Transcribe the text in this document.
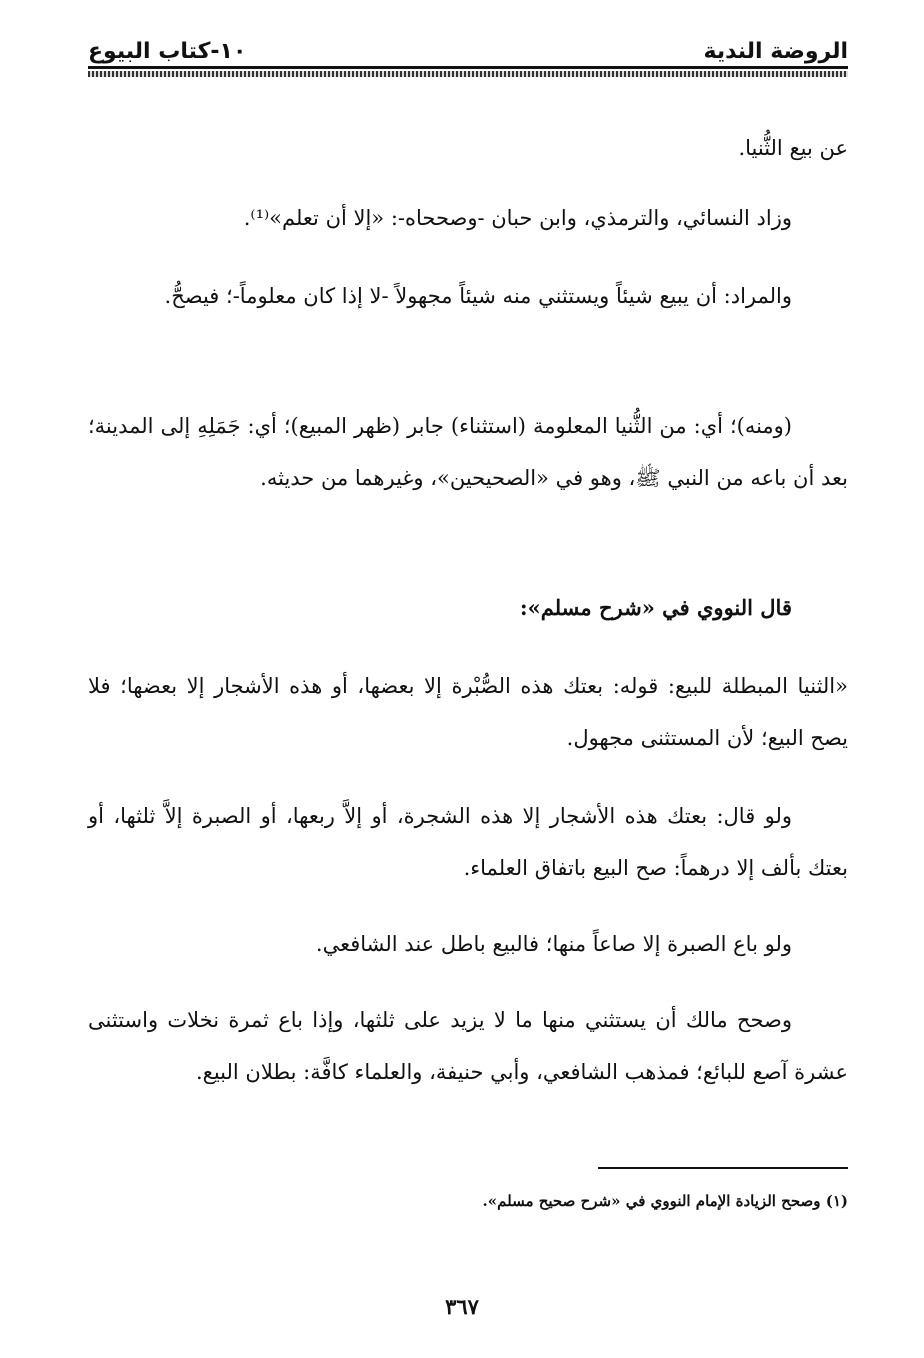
الروضة الندية
١٠-كتاب البيوع
عن بيع الثُّنيا.
وزاد النسائي، والترمذي، وابن حبان -وصححاه-: «إلا أن تعلم»⁽¹⁾.
والمراد: أن يبيع شيئاً ويستثني منه شيئاً مجهولاً -لا إذا كان معلوماً-؛ فيصحُّ.
(ومنه)؛ أي: من الثُّنيا المعلومة (استثناء) جابر (ظهر المبيع)؛ أي: جَمَلِهِ إلى المدينة؛ بعد أن باعه من النبي ﷺ، وهو في «الصحيحين»، وغيرهما من حديثه.
قال النووي في «شرح مسلم»:
«الثنيا المبطلة للبيع: قوله: بعتك هذه الصُّبْرة إلا بعضها، أو هذه الأشجار إلا بعضها؛ فلا يصح البيع؛ لأن المستثنى مجهول.
ولو قال: بعتك هذه الأشجار إلا هذه الشجرة، أو إلاَّ ربعها، أو الصبرة إلاَّ ثلثها، أو بعتك بألف إلا درهماً: صح البيع باتفاق العلماء.
ولو باع الصبرة إلا صاعاً منها؛ فالبيع باطل عند الشافعي.
وصحح مالك أن يستثني منها ما لا يزيد على ثلثها، وإذا باع ثمرة نخلات واستثنى عشرة آصع للبائع؛ فمذهب الشافعي، وأبي حنيفة، والعلماء كافَّة: بطلان البيع.
(١) وصحح الزيادة الإمام النووي في «شرح صحيح مسلم».
٣٦٧
